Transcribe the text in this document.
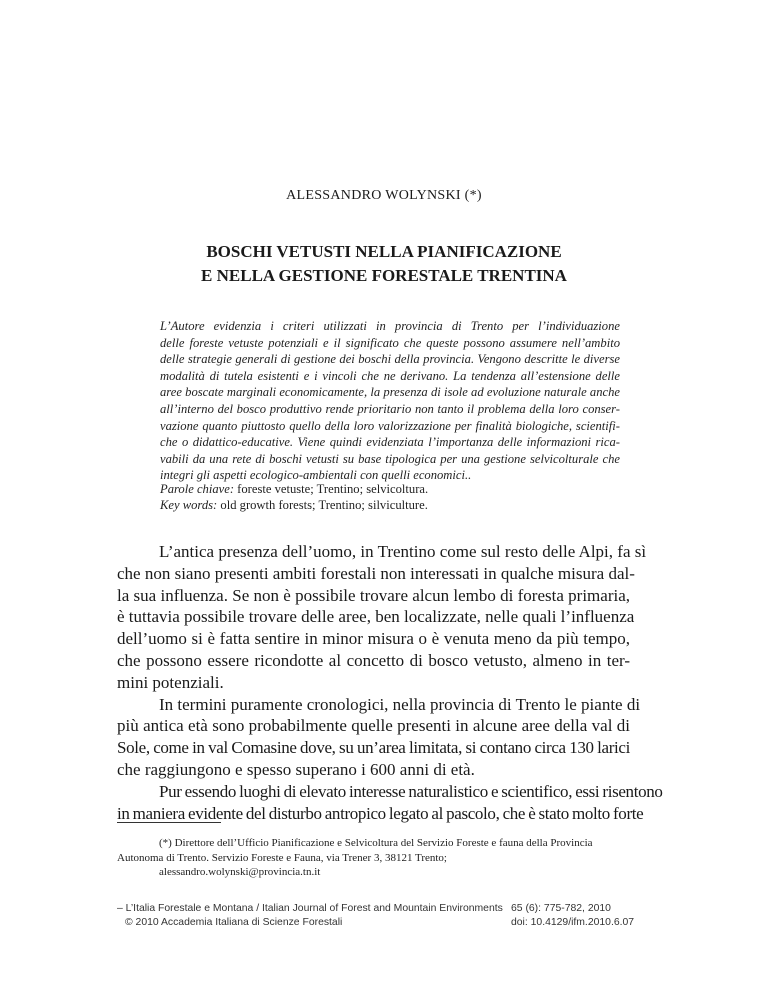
ALESSANDRO WOLYNSKI (*)
BOSCHI VETUSTI NELLA PIANIFICAZIONE
E NELLA GESTIONE FORESTALE TRENTINA
L’Autore evidenzia i criteri utilizzati in provincia di Trento per l’individuazione
delle foreste vetuste potenziali e il significato che queste possono assumere nell’ambito
delle strategie generali di gestione dei boschi della provincia. Vengono descritte le diverse
modalità di tutela esistenti e i vincoli che ne derivano. La tendenza all’estensione delle
aree boscate marginali economicamente, la presenza di isole ad evoluzione naturale anche
all’interno del bosco produttivo rende prioritario non tanto il problema della loro conser-
vazione quanto piuttosto quello della loro valorizzazione per finalità biologiche, scientifi-
che o didattico-educative. Viene quindi evidenziata l’importanza delle informazioni rica-
vabili da una rete di boschi vetusti su base tipologica per una gestione selvicolturale che
integri gli aspetti ecologico-ambientali con quelli economici..
Parole chiave: foreste vetuste; Trentino; selvicoltura.
Key words: old growth forests; Trentino; silviculture.
L’antica presenza dell’uomo, in Trentino come sul resto delle Alpi, fa sì
che non siano presenti ambiti forestali non interessati in qualche misura dal-
la sua influenza. Se non è possibile trovare alcun lembo di foresta primaria,
è tuttavia possibile trovare delle aree, ben localizzate, nelle quali l’influenza
dell’uomo si è fatta sentire in minor misura o è venuta meno da più tempo,
che possono essere ricondotte al concetto di bosco vetusto, almeno in ter-
mini potenziali.
In termini puramente cronologici, nella provincia di Trento le piante di
più antica età sono probabilmente quelle presenti in alcune aree della val di
Sole, come in val Comasine dove, su un’area limitata, si contano circa 130 larici
che raggiungono e spesso superano i 600 anni di età.
Pur essendo luoghi di elevato interesse naturalistico e scientifico, essi risentono
in maniera evidente del disturbo antropico legato al pascolo, che è stato molto forte
(*) Direttore dell’Ufficio Pianificazione e Selvicoltura del Servizio Foreste e fauna della Provincia
Autonoma di Trento. Servizio Foreste e Fauna, via Trener 3, 38121 Trento;
alessandro.wolynski@provincia.tn.it
– L’Italia Forestale e Montana / Italian Journal of Forest and Mountain Environments
© 2010 Accademia Italiana di Scienze Forestali
65 (6): 775-782, 2010
doi: 10.4129/ifm.2010.6.07
